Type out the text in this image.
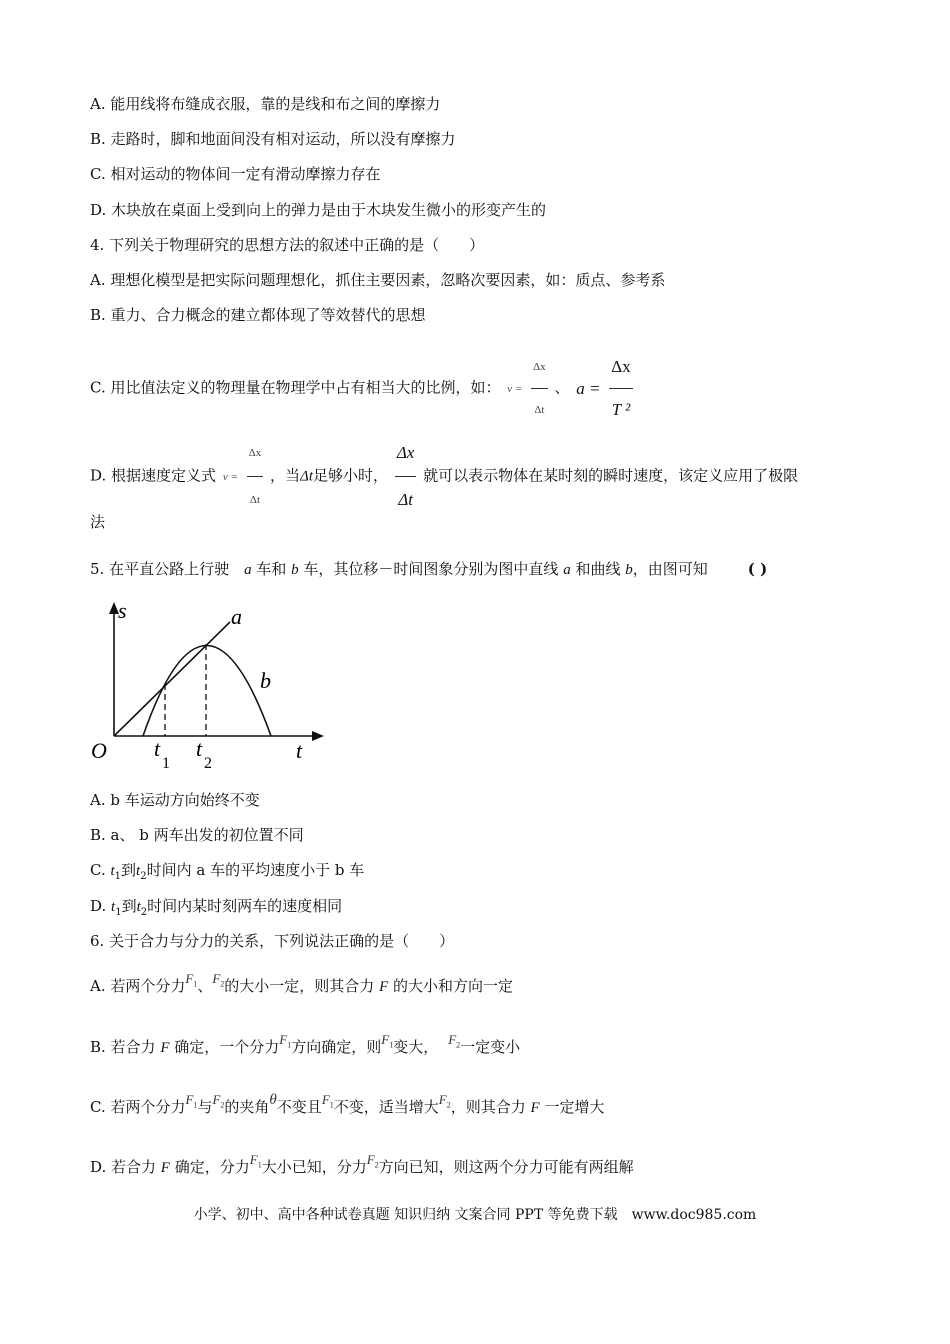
A. 能用线将布缝成衣服，靠的是线和布之间的摩擦力
B. 走路时，脚和地面间没有相对运动，所以没有摩擦力
C. 相对运动的物体间一定有滑动摩擦力存在
D. 木块放在桌面上受到向上的弹力是由于木块发生微小的形变产生的
4. 下列关于物理研究的思想方法的叙述中正确的是（　　）
A. 理想化模型是把实际问题理想化，抓住主要因素，忽略次要因素，如：质点、参考系
B. 重力、合力概念的建立都体现了等效替代的思想
C. 用比值法定义的物理量在物理学中占有相当大的比例，如： $v = \frac{\Delta x}{\Delta t}$ 、 $a = \frac{\Delta x}{\text{T ²}}$
D. 根据速度定义式 $v = \frac{\Delta x}{\Delta t}$ ，当Δt足够小时， $\frac{\Delta x}{\Delta t}$ 就可以表示物体在某时刻的瞬时速度，该定义应用了极限
法
5. 在平直公路上行驶　a 车和 b 车，其位移－时间图象分别为图中直线 a 和曲线 b，由图可知	( )
s	a
b
O	t
t
1
t
2
A. b 车运动方向始终不变
B. a、 b 两车出发的初位置不同
C. $t_1$到$t_2$时间内 a 车的平均速度小于 b 车
D. $t_1$到$t_2$时间内某时刻两车的速度相同
6. 关于合力与分力的关系，下列说法正确的是（　　）
A. 若两个分力$F_1$、$F_2$的大小一定，则其合力 F 的大小和方向一定
B. 若合力 F 确定，一个分力$F_1$方向确定，则$F_1$变大， $F_2$一定变小
C. 若两个分力$F_1$与$F_2$的夹角θ不变且$F_1$不变，适当增大$F_2$，则其合力 F 一定增大
D. 若合力 F 确定，分力$F_1$大小已知，分力$F_2$方向已知，则这两个分力可能有两组解
小学、初中、高中各种试卷真题 知识归纳 文案合同 PPT 等免费下载　www.doc985.com
